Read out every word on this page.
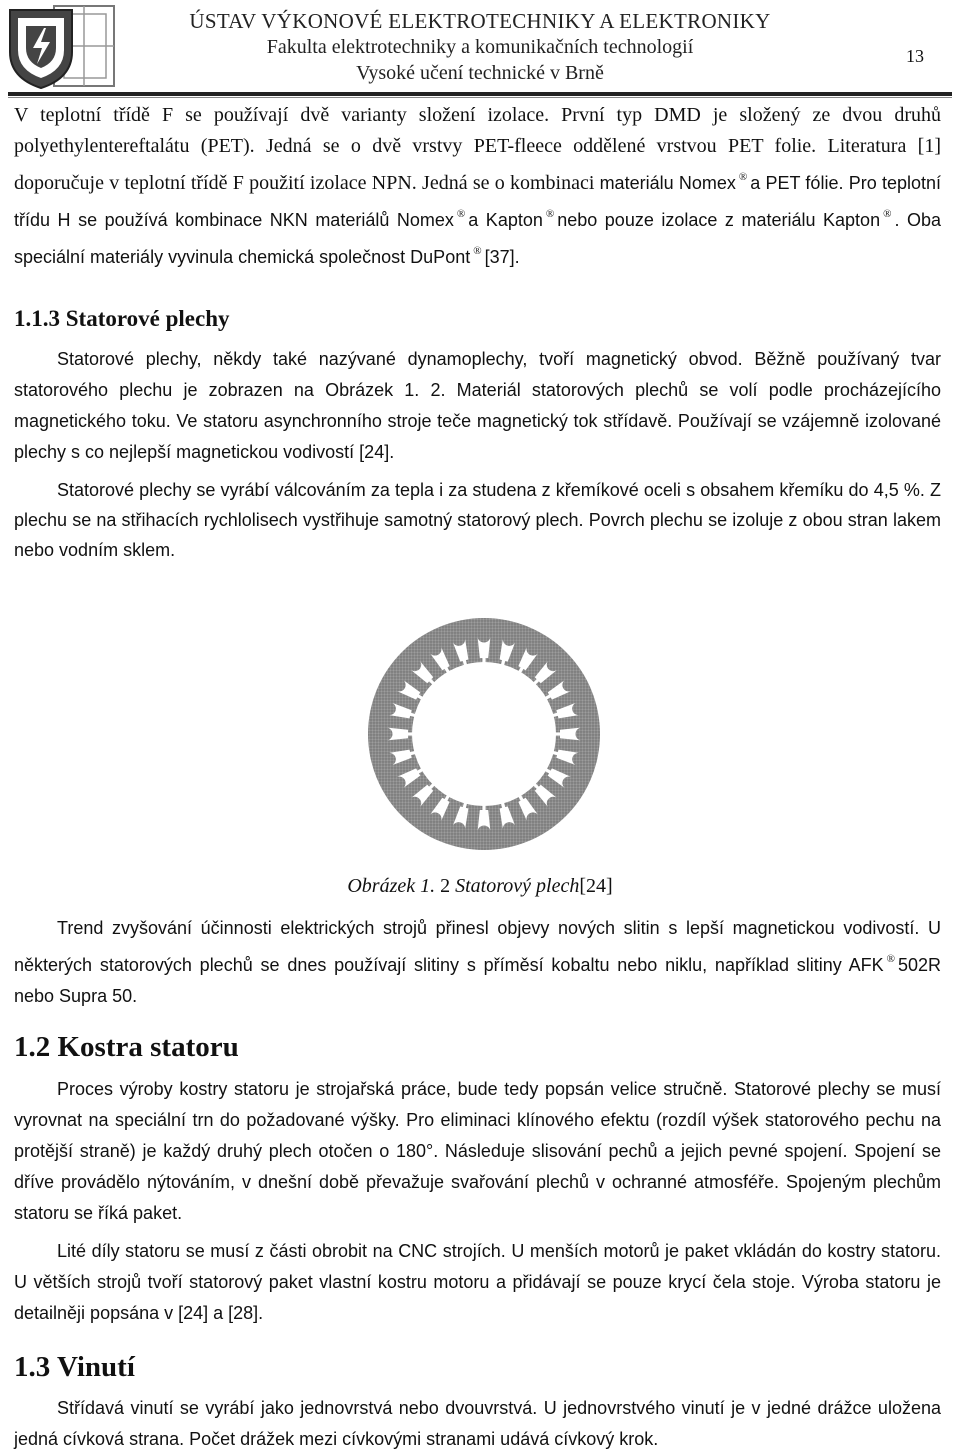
ÚSTAV VÝKONOVÉ ELEKTROTECHNIKY A ELEKTRONIKY
Fakulta elektrotechniky a komunikačních technologií
Vysoké učení technické v Brně
13

V teplotní třídě F se používají dvě varianty složení izolace. První typ DMD je složený ze dvou druhů polyethylentereftalátu (PET). Jedná se o dvě vrstvy PET-fleece oddělené vrstvou PET folie. Literatura [1] doporučuje v teplotní třídě F použití izolace NPN. Jedná se o kombinaci materiálu Nomex ® a PET fólie. Pro teplotní třídu H se používá kombinace NKN materiálů Nomex ® a Kapton ® nebo pouze izolace z materiálu Kapton ® . Oba speciální materiály vyvinula chemická společnost DuPont ® [37].

1.1.3 Statorové plechy

Statorové plechy, někdy také nazývané dynamoplechy, tvoří magnetický obvod. Běžně používaný tvar statorového plechu je zobrazen na Obrázek 1. 2. Materiál statorových plechů se volí podle procházejícího magnetického toku. Ve statoru asynchronního stroje teče magnetický tok střídavě. Používají se vzájemně izolované plechy s co nejlepší magnetickou vodivostí [24].

Statorové plechy se vyrábí válcováním za tepla i za studena z křemíkové oceli s obsahem křemíku do 4,5 %. Z plechu se na střihacích rychlolisech vystřihuje samotný statorový plech. Povrch plechu se izoluje z obou stran lakem nebo vodním sklem.

Obrázek 1. 2 Statorový plech[24]

Trend zvyšování účinnosti elektrických strojů přinesl objevy nových slitin s lepší magnetickou vodivostí. U některých statorových plechů se dnes používají slitiny s příměsí kobaltu nebo niklu, například slitiny AFK ® 502R nebo Supra 50.

1.2 Kostra statoru

Proces výroby kostry statoru je strojařská práce, bude tedy popsán velice stručně. Statorové plechy se musí vyrovnat na speciální trn do požadované výšky. Pro eliminaci klínového efektu (rozdíl výšek statorového pechu na protější straně) je každý druhý plech otočen o 180°. Následuje slisování pechů a jejich pevné spojení. Spojení se dříve provádělo nýtováním, v dnešní době převažuje svařování plechů v ochranné atmosféře. Spojeným plechům statoru se říká paket.

Lité díly statoru se musí z části obrobit na CNC strojích. U menších motorů je paket vkládán do kostry statoru. U větších strojů tvoří statorový paket vlastní kostru motoru a přidávají se pouze krycí čela stoje. Výroba statoru je detailněji popsána v [24] a [28].

1.3 Vinutí

Střídavá vinutí se vyrábí jako jednovrstvá nebo dvouvrstvá. U jednovrstvého vinutí je v jedné drážce uložena jedná cívková strana. Počet drážek mezi cívkovými stranami udává cívkový krok.
